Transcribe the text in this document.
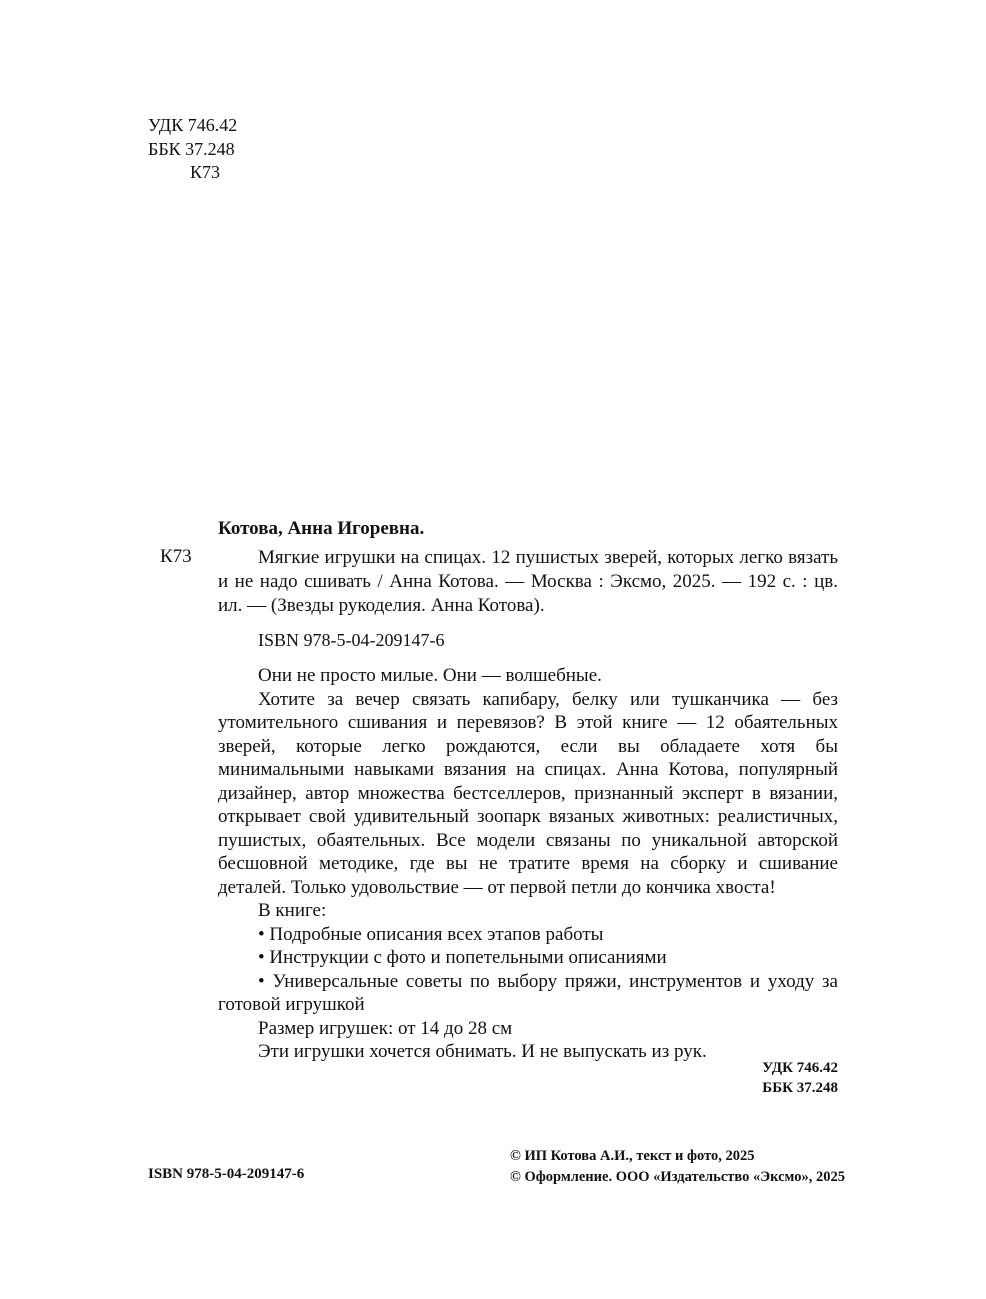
УДК 746.42
ББК 37.248
К73
Котова, Анна Игоревна.
К73	Мягкие игрушки на спицах. 12 пушистых зверей, которых легко вязать и не надо сшивать / Анна Котова. — Москва : Эксмо, 2025. — 192 с. : цв. ил. — (Звезды рукоделия. Анна Котова).

ISBN 978-5-04-209147-6

Они не просто милые. Они — волшебные.

Хотите за вечер связать капибару, белку или тушканчика — без утомительного сшивания и перевязов? В этой книге — 12 обаятельных зверей, которые легко рождаются, если вы обладаете хотя бы минимальными навыками вязания на спицах. Анна Котова, популярный дизайнер, автор множества бестселлеров, признанный эксперт в вязании, открывает свой удивительный зоопарк вязаных животных: реалистичных, пушистых, обаятельных. Все модели связаны по уникальной авторской бесшовной методике, где вы не тратите время на сборку и сшивание деталей. Только удовольствие — от первой петли до кончика хвоста!

В книге:

• Подробные описания всех этапов работы

• Инструкции с фото и попетельными описаниями

• Универсальные советы по выбору пряжи, инструментов и уходу за готовой игрушкой

Размер игрушек: от 14 до 28 см

Эти игрушки хочется обнимать. И не выпускать из рук.

УДК 746.42
ББК 37.248
ISBN 978-5-04-209147-6
© ИП Котова А.И., текст и фото, 2025
© Оформление. ООО «Издательство «Эксмо», 2025
